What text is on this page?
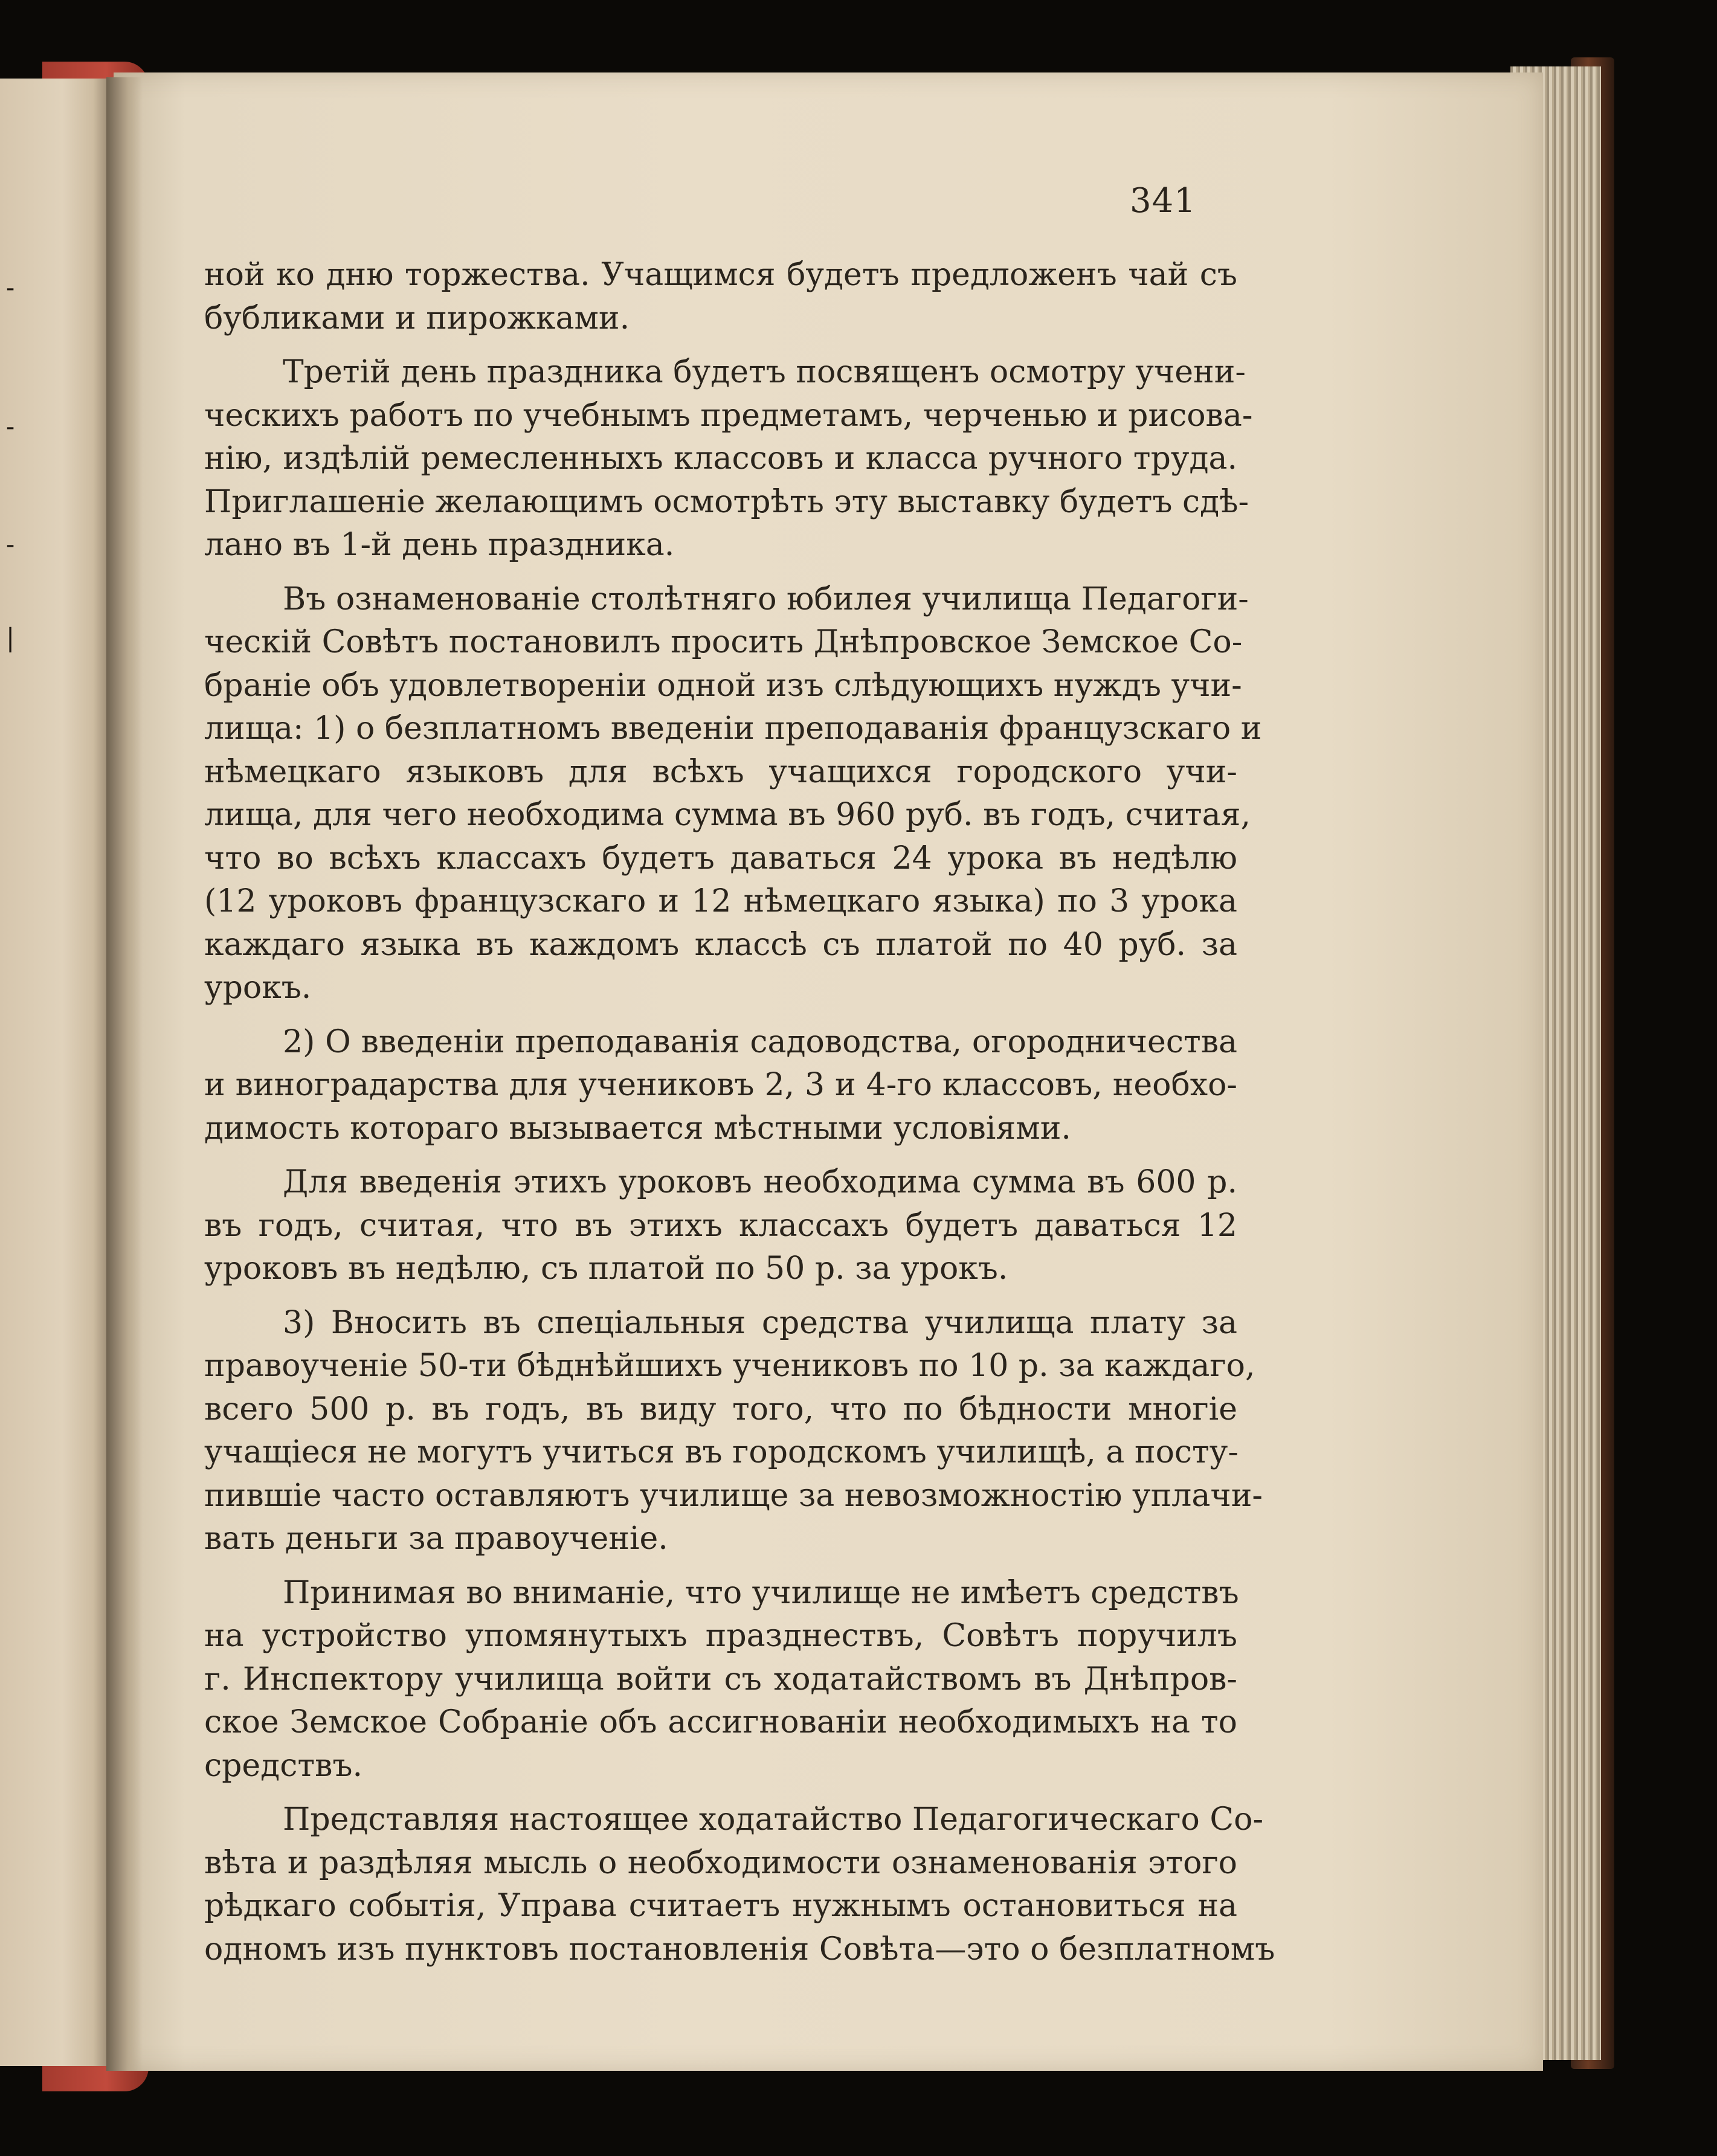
-
-
-
|
341
ной ко дню торжества. Учащимся будетъ предложенъ чай съ
бубликами и пирожками.
Третій день праздника будетъ посвященъ осмотру учени-
ческихъ работъ по учебнымъ предметамъ, черченью и рисова-
нію, издѣлій ремесленныхъ классовъ и класса ручного труда.
Приглашеніе желающимъ осмотрѣть эту выставку будетъ сдѣ-
лано въ 1-й день праздника.
Въ ознаменованіе столѣтняго юбилея училища Педагоги-
ческій Совѣтъ постановилъ просить Днѣпровское Земское Со-
браніе объ удовлетвореніи одной изъ слѣдующихъ нуждъ учи-
лища: 1) о безплатномъ введеніи преподаванія французскаго и
нѣмецкаго языковъ для всѣхъ учащихся городского учи-
лища, для чего необходима сумма въ 960 руб. въ годъ, считая,
что во всѣхъ классахъ будетъ даваться 24 урока въ недѣлю
(12 уроковъ французскаго и 12 нѣмецкаго языка) по 3 урока
каждаго языка въ каждомъ классѣ съ платой по 40 руб. за
урокъ.
2) О введеніи преподаванія садоводства, огородничества
и виноградарства для учениковъ 2, 3 и 4-го классовъ, необхо-
димость котораго вызывается мѣстными условіями.
Для введенія этихъ уроковъ необходима сумма въ 600 р.
въ годъ, считая, что въ этихъ классахъ будетъ даваться 12
уроковъ въ недѣлю, съ платой по 50 р. за урокъ.
3) Вносить въ спеціальныя средства училища плату за
правоученіе 50-ти бѣднѣйшихъ учениковъ по 10 р. за каждаго,
всего 500 р. въ годъ, въ виду того, что по бѣдности многіе
учащіеся не могутъ учиться въ городскомъ училищѣ, а посту-
пившіе часто оставляютъ училище за невозможностію уплачи-
вать деньги за правоученіе.
Принимая во вниманіе, что училище не имѣетъ средствъ
на устройство упомянутыхъ празднествъ, Совѣтъ поручилъ
г. Инспектору училища войти съ ходатайствомъ въ Днѣпров-
ское Земское Собраніе объ ассигнованіи необходимыхъ на то
средствъ.
Представляя настоящее ходатайство Педагогическаго Со-
вѣта и раздѣляя мысль о необходимости ознаменованія этого
рѣдкаго событія, Управа считаетъ нужнымъ остановиться на
одномъ изъ пунктовъ постановленія Совѣта—это о безплатномъ
